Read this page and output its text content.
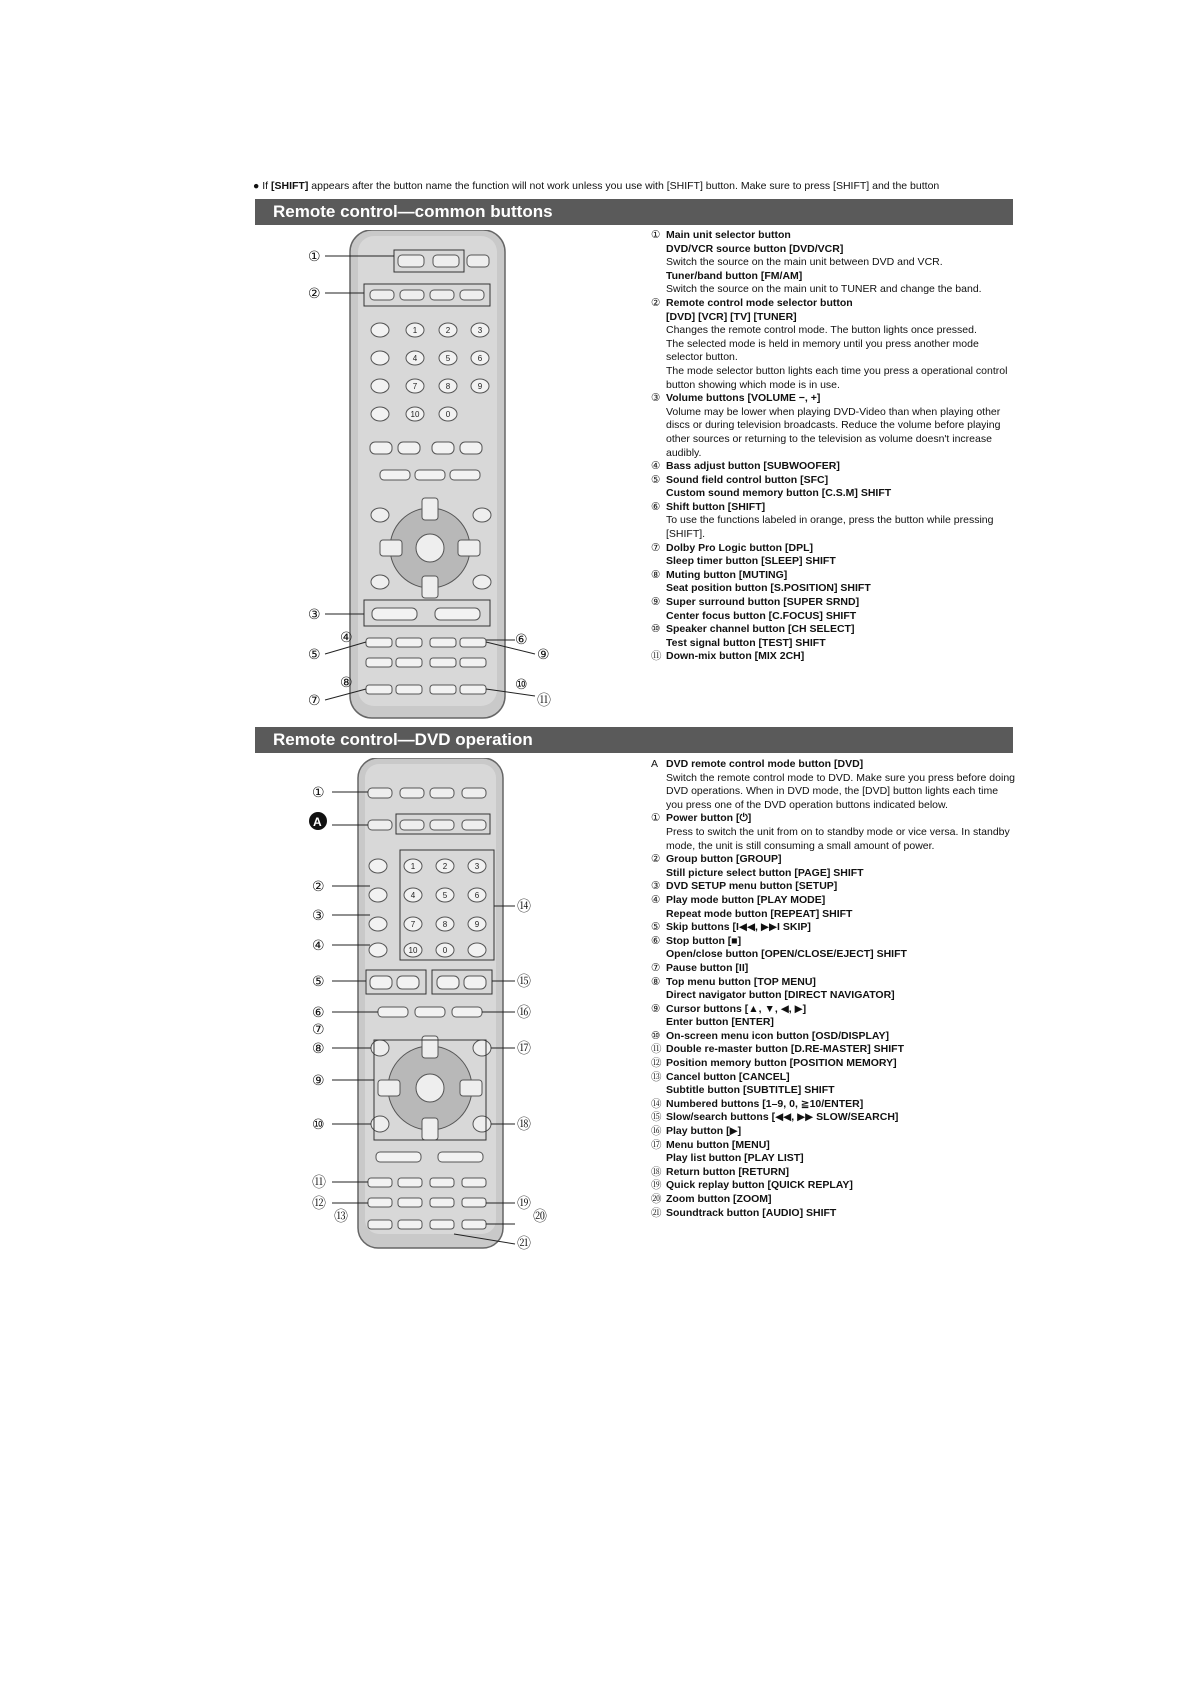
● If [SHIFT] appears after the button name the function will not work unless you use with [SHIFT] button. Make sure to press [SHIFT] and the button
Remote control—common buttons
1	2	3
4	5	6
7	8	9
10	0
①
②
③
④
⑤
⑥
⑦
⑧
⑨
⑩
⑪
① Main unit selector button
DVD/VCR source button [DVD/VCR]
Switch the source on the main unit between DVD and VCR.
Tuner/band button [FM/AM]
Switch the source on the main unit to TUNER and change the band.
② Remote control mode selector button
[DVD] [VCR] [TV] [TUNER]
Changes the remote control mode. The button lights once pressed.
The selected mode is held in memory until you press another mode selector button.
The mode selector button lights each time you press a operational control button showing which mode is in use.
③ Volume buttons [VOLUME −, +]
Volume may be lower when playing DVD-Video than when playing other discs or during television broadcasts. Reduce the volume before playing other sources or returning to the television as volume doesn't increase audibly.
④ Bass adjust button [SUBWOOFER]
⑤ Sound field control button [SFC]
Custom sound memory button [C.S.M] SHIFT
⑥ Shift button [SHIFT]
To use the functions labeled in orange, press the button while pressing [SHIFT].
⑦ Dolby Pro Logic button [DPL]
Sleep timer button [SLEEP] SHIFT
⑧ Muting button [MUTING]
Seat position button [S.POSITION] SHIFT
⑨ Super surround button [SUPER SRND]
Center focus button [C.FOCUS] SHIFT
⑩ Speaker channel button [CH SELECT]
Test signal button [TEST] SHIFT
⑪ Down-mix button [MIX 2CH]
Remote control—DVD operation
1	2	3
4	5	6
7	8	9
10	0
A
①
②
③
④
⑤
⑥
⑦
⑧
⑨
⑩
⑪
⑫
⑭
⑮
⑯
⑰
⑱
⑲
⑳
㉑
⑬
A DVD remote control mode button [DVD]
Switch the remote control mode to DVD. Make sure you press before doing DVD operations. When in DVD mode, the [DVD] button lights each time you press one of the DVD operation buttons indicated below.
① Power button [⏻]
Press to switch the unit from on to standby mode or vice versa. In standby mode, the unit is still consuming a small amount of power.
② Group button [GROUP]
Still picture select button [PAGE] SHIFT
③ DVD SETUP menu button [SETUP]
④ Play mode button [PLAY MODE]
Repeat mode button [REPEAT] SHIFT
⑤ Skip buttons [I◀◀, ▶▶I SKIP]
⑥ Stop button [■]
Open/close button [OPEN/CLOSE/EJECT] SHIFT
⑦ Pause button [II]
⑧ Top menu button [TOP MENU]
Direct navigator button [DIRECT NAVIGATOR]
⑨ Cursor buttons [▲, ▼, ◀, ▶]
Enter button [ENTER]
⑩ On-screen menu icon button [OSD/DISPLAY]
⑪ Double re-master button [D.RE-MASTER] SHIFT
⑫ Position memory button [POSITION MEMORY]
⑬ Cancel button [CANCEL]
Subtitle button [SUBTITLE] SHIFT
⑭ Numbered buttons [1–9, 0, ≧10/ENTER]
⑮ Slow/search buttons [◀◀, ▶▶ SLOW/SEARCH]
⑯ Play button [▶]
⑰ Menu button [MENU]
Play list button [PLAY LIST]
⑱ Return button [RETURN]
⑲ Quick replay button [QUICK REPLAY]
⑳ Zoom button [ZOOM]
㉑ Soundtrack button [AUDIO] SHIFT
